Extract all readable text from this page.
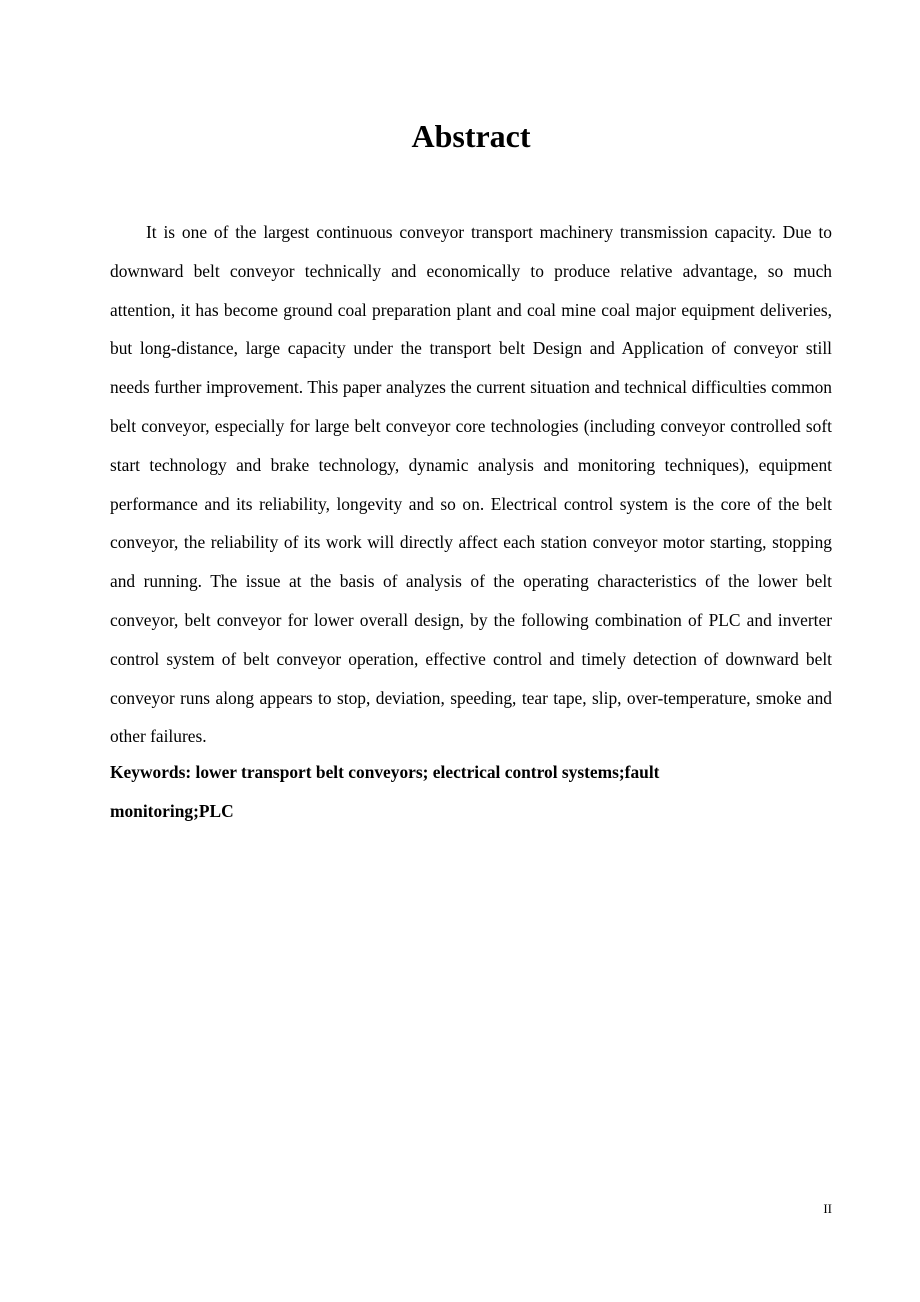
Abstract

It is one of the largest continuous conveyor transport machinery transmission capacity. Due to downward belt conveyor technically and economically to produce relative advantage, so much attention, it has become ground coal preparation plant and coal mine coal major equipment deliveries, but long-distance, large capacity under the transport belt Design and Application of conveyor still needs further improvement. This paper analyzes the current situation and technical difficulties common belt conveyor, especially for large belt conveyor core technologies (including conveyor controlled soft start technology and brake technology, dynamic analysis and monitoring techniques), equipment performance and its reliability, longevity and so on. Electrical control system is the core of the belt conveyor, the reliability of its work will directly affect each station conveyor motor starting, stopping and running. The issue at the basis of analysis of the operating characteristics of the lower belt conveyor, belt conveyor for lower overall design, by the following combination of PLC and inverter control system of belt conveyor operation, effective control and timely detection of downward belt conveyor runs along appears to stop, deviation, speeding, tear tape, slip, over-temperature, smoke and other failures.

Keywords: lower transport belt conveyors; electrical control systems;fault monitoring;PLC

II
